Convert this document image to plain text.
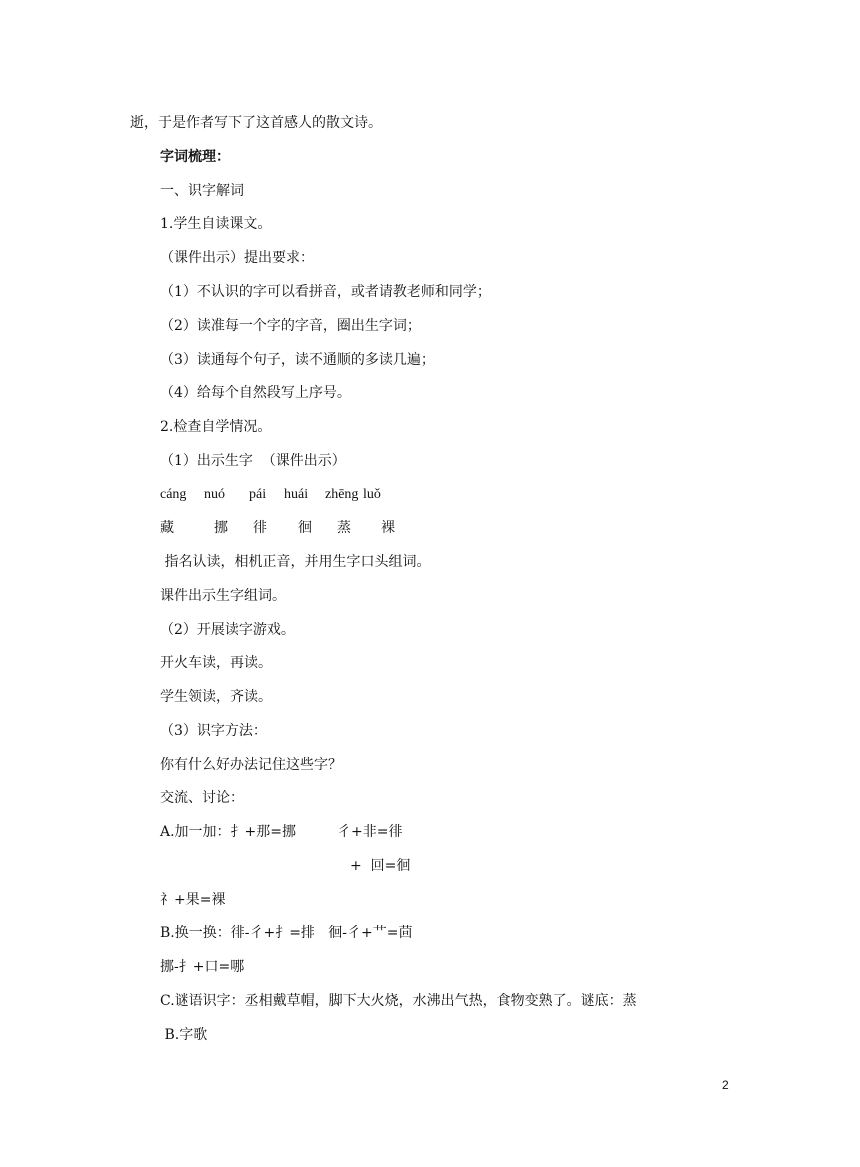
逝，于是作者写下了这首感人的散文诗。
字词梳理：
一、识字解词
1.学生自读课文。
（课件出示）提出要求：
（1）不认识的字可以看拼音，或者请教老师和同学；
（2）读准每一个字的字音，圈出生字词；
（3）读通每个句子，读不通顺的多读几遍；
（4）给每个自然段写上序号。
2.检查自学情况。
（1）出示生字  （课件出示）
cáng nuó pái huái zhēng luǒ
藏	挪 徘 徊 蒸 裸
指名认读，相机正音，并用生字口头组词。
课件出示生字组词。
（2）开展读字游戏。
开火车读，再读。
学生领读，齐读。
（3）识字方法：
你有什么好办法记住这些字？
交流、讨论：
A.加一加：扌+那=挪	彳+非=徘
+  回=徊
礻+果=裸
B.换一换：徘-彳+扌=排   徊-彳+艹=茴
挪-扌+口=哪
C.谜语识字：丞相戴草帽，脚下大火烧，水沸出气热，食物变熟了。谜底：蒸
B.字歌
2
